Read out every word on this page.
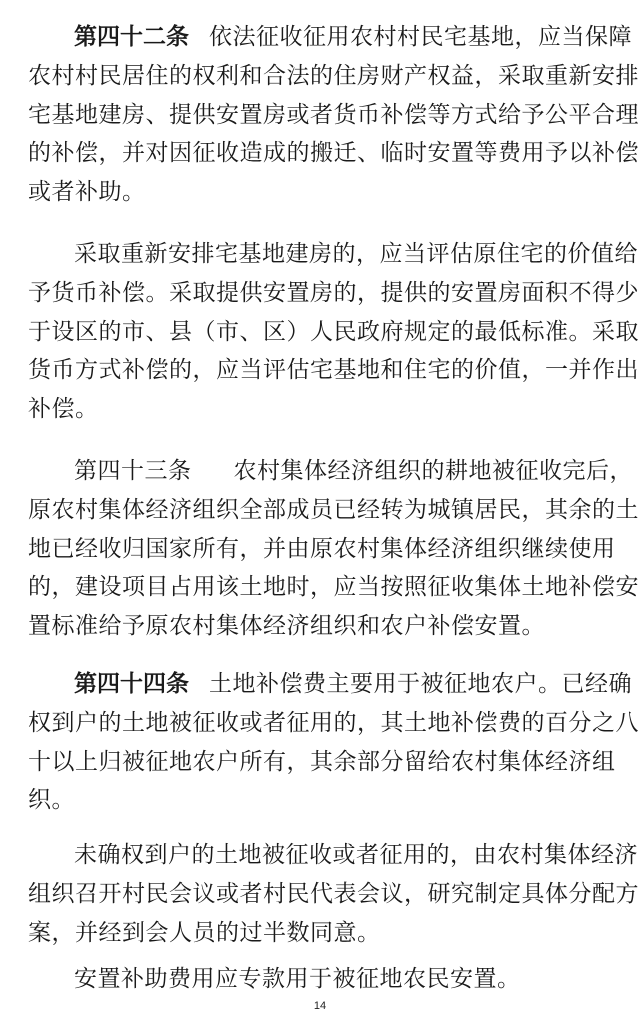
第四十二条 依法征收征用农村村民宅基地，应当保障
农村村民居住的权利和合法的住房财产权益，采取重新安排
宅基地建房、提供安置房或者货币补偿等方式给予公平合理
的补偿，并对因征收造成的搬迁、临时安置等费用予以补偿
或者补助。
采取重新安排宅基地建房的，应当评估原住宅的价值给
予货币补偿。采取提供安置房的，提供的安置房面积不得少
于设区的市、县（市、区）人民政府规定的最低标准。采取
货币方式补偿的，应当评估宅基地和住宅的价值，一并作出
补偿。
第四十三条 农村集体经济组织的耕地被征收完后，
原农村集体经济组织全部成员已经转为城镇居民，其余的土
地已经收归国家所有，并由原农村集体经济组织继续使用
的，建设项目占用该土地时，应当按照征收集体土地补偿安
置标准给予原农村集体经济组织和农户补偿安置。
第四十四条 土地补偿费主要用于被征地农户。已经确
权到户的土地被征收或者征用的，其土地补偿费的百分之八
十以上归被征地农户所有，其余部分留给农村集体经济组
织。
未确权到户的土地被征收或者征用的，由农村集体经济
组织召开村民会议或者村民代表会议，研究制定具体分配方
案，并经到会人员的过半数同意。
安置补助费用应专款用于被征地农民安置。
14
